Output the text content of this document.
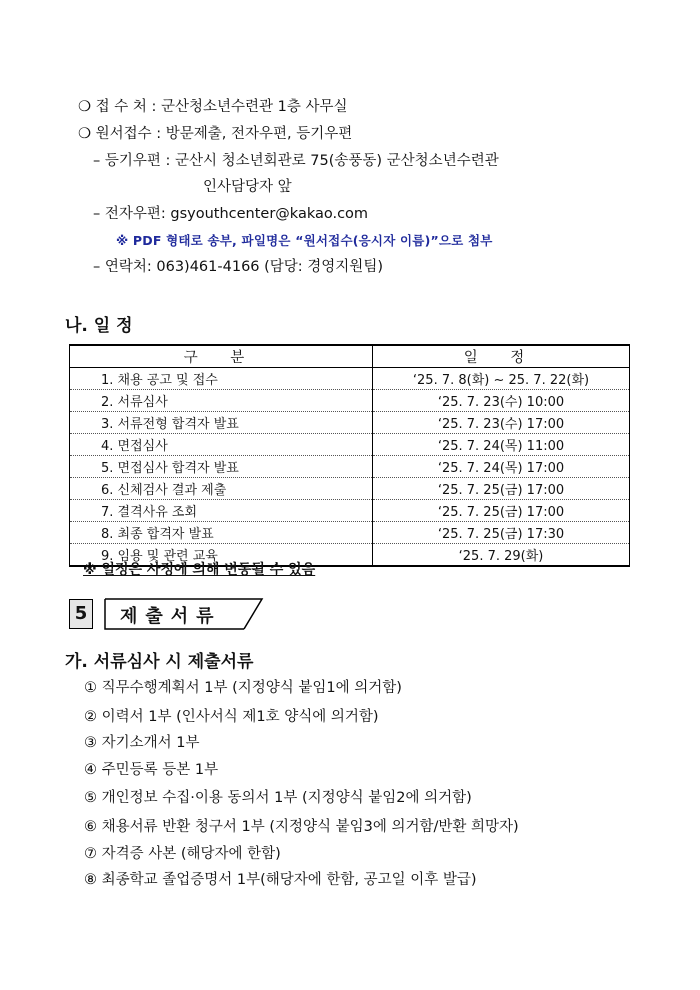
❍ 접 수 처 : 군산청소년수련관 1층 사무실
❍ 원서접수 : 방문제출, 전자우편, 등기우편
– 등기우편 : 군산시 청소년회관로 75(송풍동) 군산청소년수련관
인사담당자 앞
– 전자우편: gsyouthcenter@kakao.com
※ PDF 형태로 송부, 파일명은 “원서접수(응시자 이름)”으로 첨부
– 연락처: 063)461-4166 (담당: 경영지원팀)
나. 일 정
구 분	일 정
1. 채용 공고 및 접수	‘25. 7. 8(화) ~ 25. 7. 22(화)
2. 서류심사	‘25. 7. 23(수) 10:00
3. 서류전형 합격자 발표	‘25. 7. 23(수) 17:00
4. 면접심사	‘25. 7. 24(목) 11:00
5. 면접심사 합격자 발표	‘25. 7. 24(목) 17:00
6. 신체검사 결과 제출	‘25. 7. 25(금) 17:00
7. 결격사유 조회	‘25. 7. 25(금) 17:00
8. 최종 합격자 발표	‘25. 7. 25(금) 17:30
9. 임용 및 관련 교육	‘25. 7. 29(화)
※ 일정은 사정에 의해 변동될 수 있음
5	제출서류
가. 서류심사 시 제출서류
① 직무수행계획서 1부 (지정양식 붙임1에 의거함)
② 이력서 1부 (인사서식 제1호 양식에 의거함)
③ 자기소개서 1부
④ 주민등록 등본 1부
⑤ 개인정보 수집·이용 동의서 1부 (지정양식 붙임2에 의거함)
⑥ 채용서류 반환 청구서 1부 (지정양식 붙임3에 의거함/반환 희망자)
⑦ 자격증 사본 (해당자에 한함)
⑧ 최종학교 졸업증명서 1부(해당자에 한함, 공고일 이후 발급)
